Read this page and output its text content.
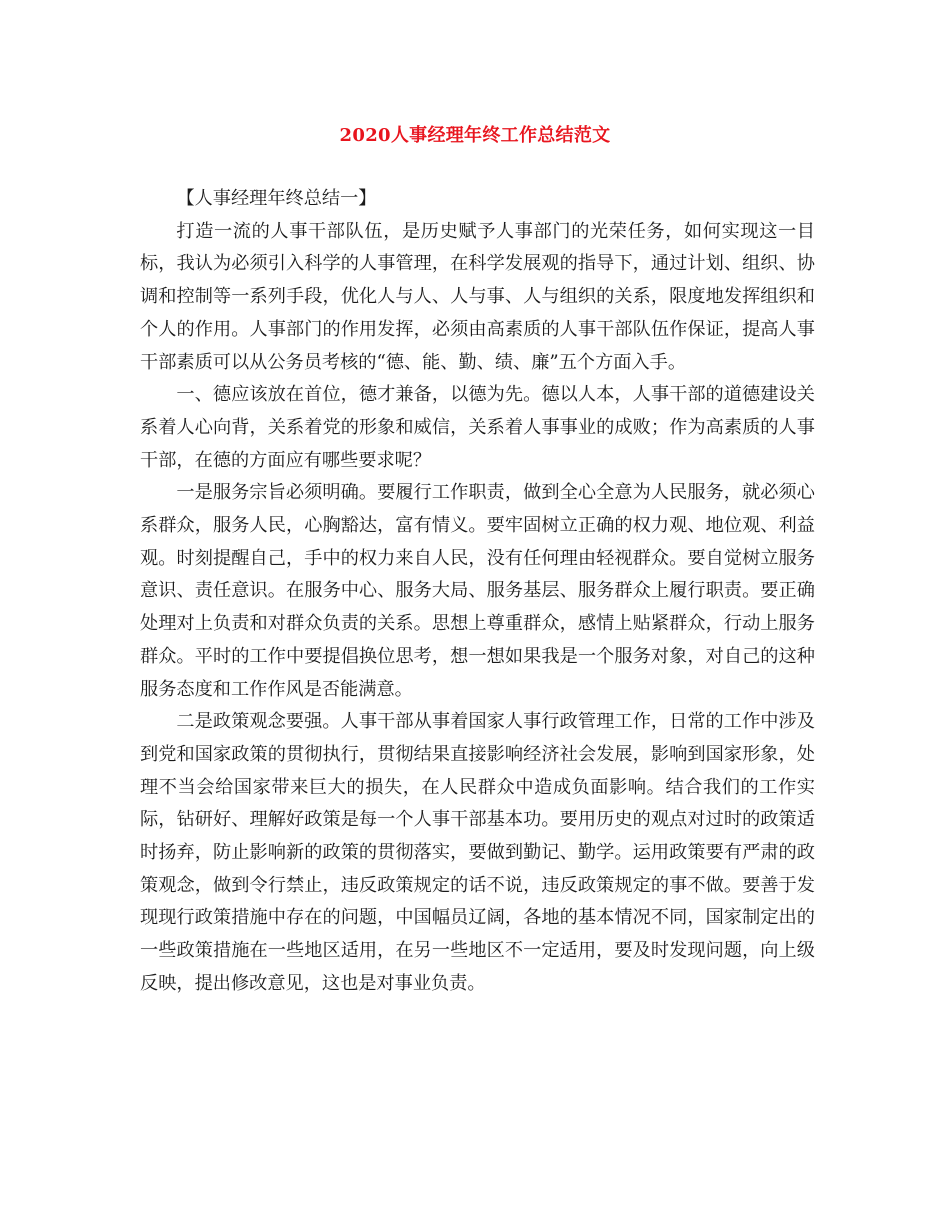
2020人事经理年终工作总结范文

【人事经理年终总结一】

打造一流的人事干部队伍，是历史赋予人事部门的光荣任务，如何实现这一目标，我认为必须引入科学的人事管理，在科学发展观的指导下，通过计划、组织、协调和控制等一系列手段，优化人与人、人与事、人与组织的关系，限度地发挥组织和个人的作用。人事部门的作用发挥，必须由高素质的人事干部队伍作保证，提高人事干部素质可以从公务员考核的“德、能、勤、绩、廉”五个方面入手。

一、德应该放在首位，德才兼备，以德为先。德以人本，人事干部的道德建设关系着人心向背，关系着党的形象和威信，关系着人事事业的成败；作为高素质的人事干部，在德的方面应有哪些要求呢？

一是服务宗旨必须明确。要履行工作职责，做到全心全意为人民服务，就必须心系群众，服务人民，心胸豁达，富有情义。要牢固树立正确的权力观、地位观、利益观。时刻提醒自己，手中的权力来自人民，没有任何理由轻视群众。要自觉树立服务意识、责任意识。在服务中心、服务大局、服务基层、服务群众上履行职责。要正确处理对上负责和对群众负责的关系。思想上尊重群众，感情上贴紧群众，行动上服务群众。平时的工作中要提倡换位思考，想一想如果我是一个服务对象，对自己的这种服务态度和工作作风是否能满意。

二是政策观念要强。人事干部从事着国家人事行政管理工作，日常的工作中涉及到党和国家政策的贯彻执行，贯彻结果直接影响经济社会发展，影响到国家形象，处理不当会给国家带来巨大的损失，在人民群众中造成负面影响。结合我们的工作实际，钻研好、理解好政策是每一个人事干部基本功。要用历史的观点对过时的政策适时扬弃，防止影响新的政策的贯彻落实，要做到勤记、勤学。运用政策要有严肃的政策观念，做到令行禁止，违反政策规定的话不说，违反政策规定的事不做。要善于发现现行政策措施中存在的问题，中国幅员辽阔，各地的基本情况不同，国家制定出的一些政策措施在一些地区适用，在另一些地区不一定适用，要及时发现问题，向上级反映，提出修改意见，这也是对事业负责。
